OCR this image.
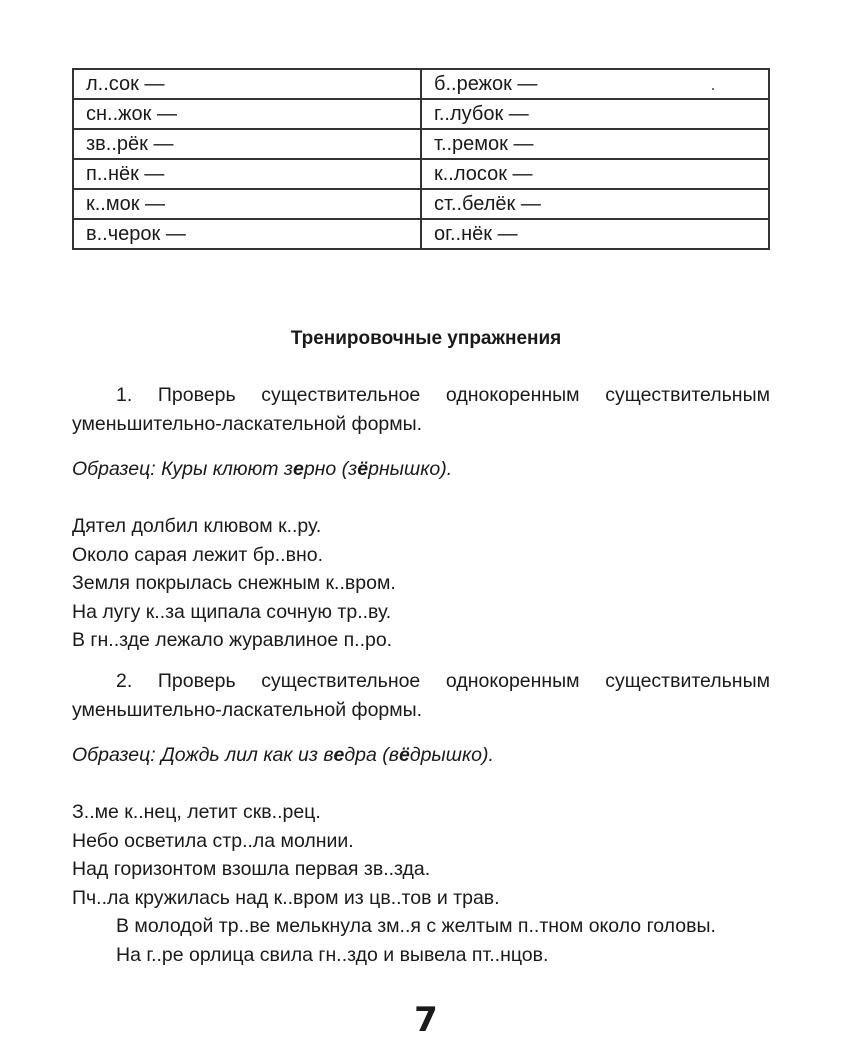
л..сок —	б..режок —
сн..жок —	г..лубок —
зв..рёк —	т..ремок —
п..нёк —	к..лосок —
к..мок —	ст..белёк —
в..черок —	ог..нёк —
Тренировочные упражнения

1. Проверь существительное однокоренным существительным уменьшительно-ласкательной формы.

Образец: Куры клюют зерно (зёрнышко).

Дятел долбил клювом к..ру.
Около сарая лежит бр..вно.
Земля покрылась снежным к..вром.
На лугу к..за щипала сочную тр..ву.
В гн..зде лежало журавлиное п..ро.

2. Проверь существительное однокоренным существительным уменьшительно-ласкательной формы.

Образец: Дождь лил как из ведра (вёдрышко).

З..ме к..нец, летит скв..рец.
Небо осветила стр..ла молнии.
Над горизонтом взошла первая зв..зда.
Пч..ла кружилась над к..вром из цв..тов и трав.
В молодой тр..ве мелькнула зм..я с желтым п..тном около головы.
На г..ре орлица свила гн..здо и вывела пт..нцов.
7
